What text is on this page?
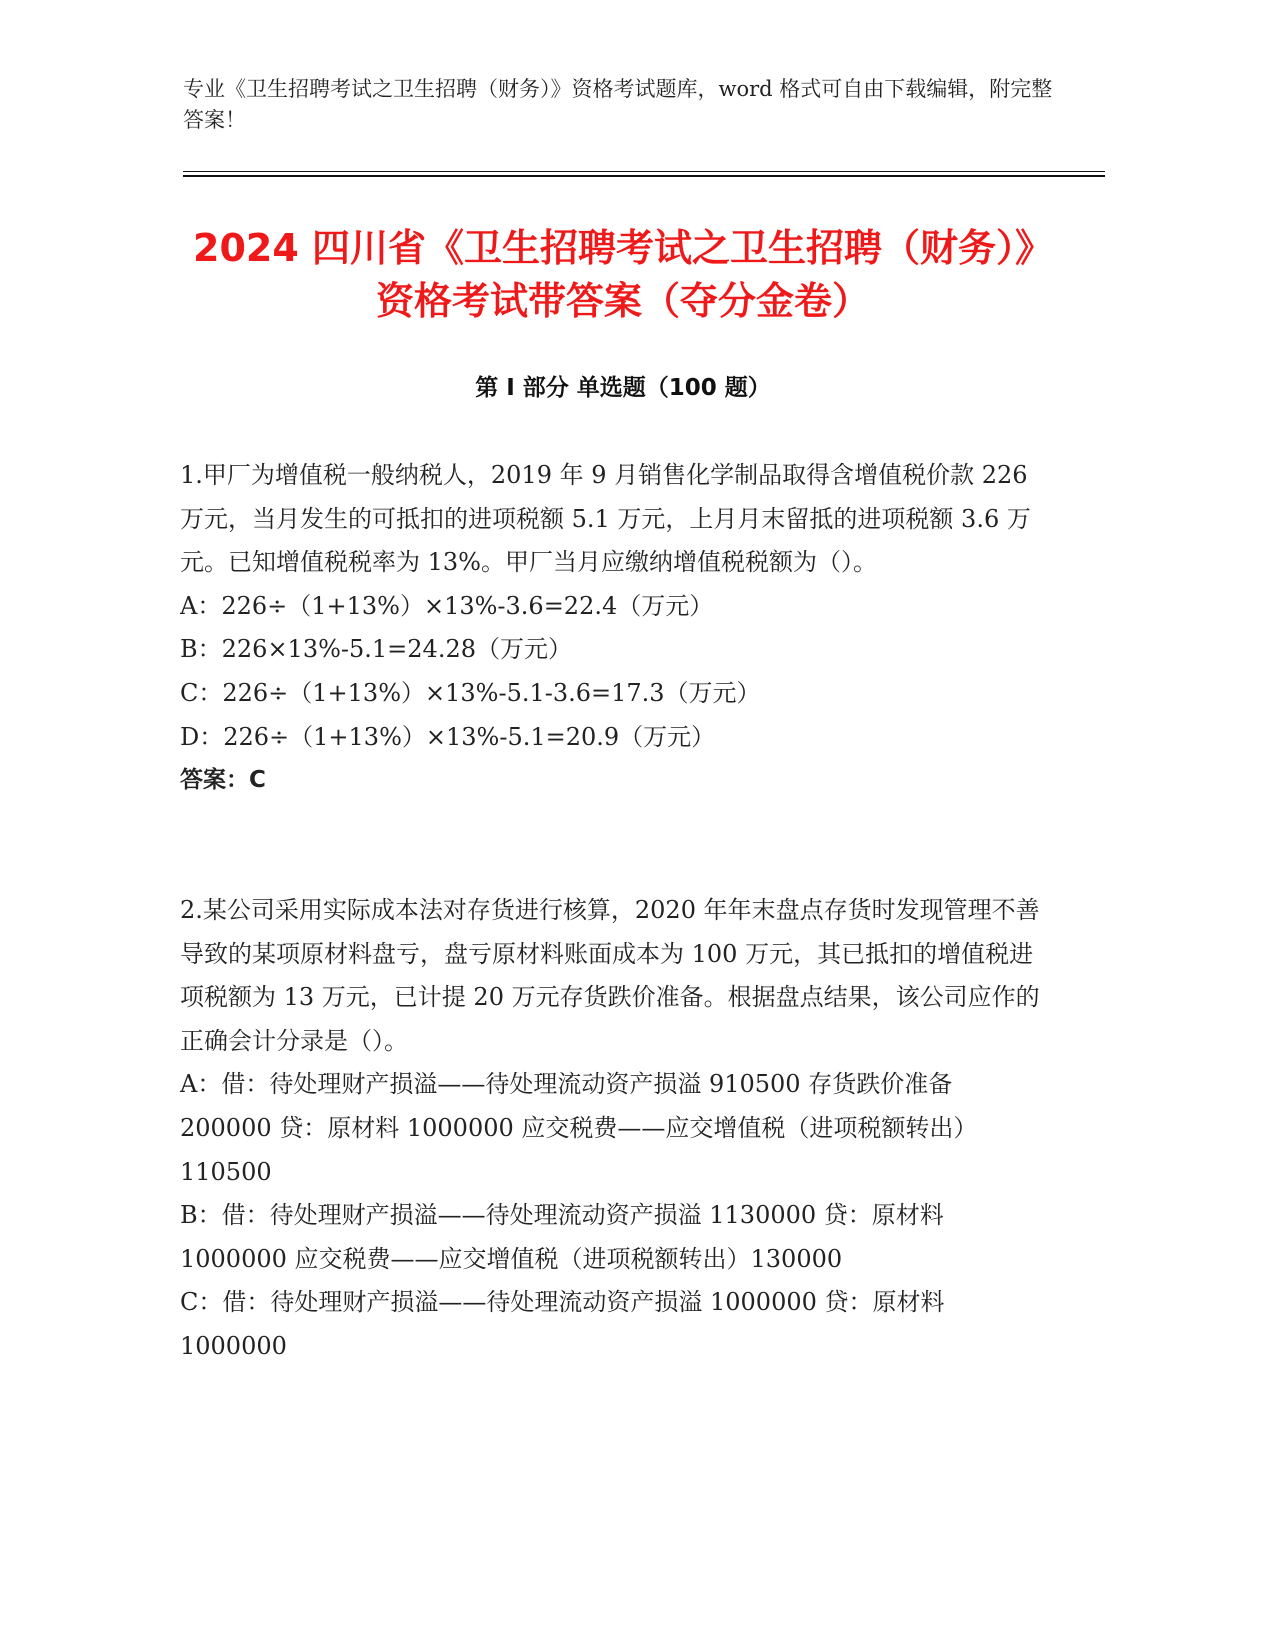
专业《卫生招聘考试之卫生招聘（财务）》资格考试题库，word 格式可自由下载编辑，附完整答案！
2024 四川省《卫生招聘考试之卫生招聘（财务）》资格考试带答案（夺分金卷）
第 I 部分 单选题（100 题）

1.甲厂为增值税一般纳税人，2019 年 9 月销售化学制品取得含增值税价款 226 万元，当月发生的可抵扣的进项税额 5.1 万元，上月月末留抵的进项税额 3.6 万元。已知增值税税率为 13%。甲厂当月应缴纳增值税税额为（）。

A：226÷（1+13%）×13%-3.6=22.4（万元）

B：226×13%-5.1=24.28（万元）

C：226÷（1+13%）×13%-5.1-3.6=17.3（万元）

D：226÷（1+13%）×13%-5.1=20.9（万元）

答案：C

2.某公司采用实际成本法对存货进行核算，2020 年年末盘点存货时发现管理不善导致的某项原材料盘亏，盘亏原材料账面成本为 100 万元，其已抵扣的增值税进项税额为 13 万元，已计提 20 万元存货跌价准备。根据盘点结果，该公司应作的正确会计分录是（）。

A：借：待处理财产损溢——待处理流动资产损溢 910500 存货跌价准备 200000 贷：原材料 1000000 应交税费——应交增值税（进项税额转出）110500

B：借：待处理财产损溢——待处理流动资产损溢 1130000 贷：原材料 1000000 应交税费——应交增值税（进项税额转出）130000

C：借：待处理财产损溢——待处理流动资产损溢 1000000 贷：原材料 1000000
